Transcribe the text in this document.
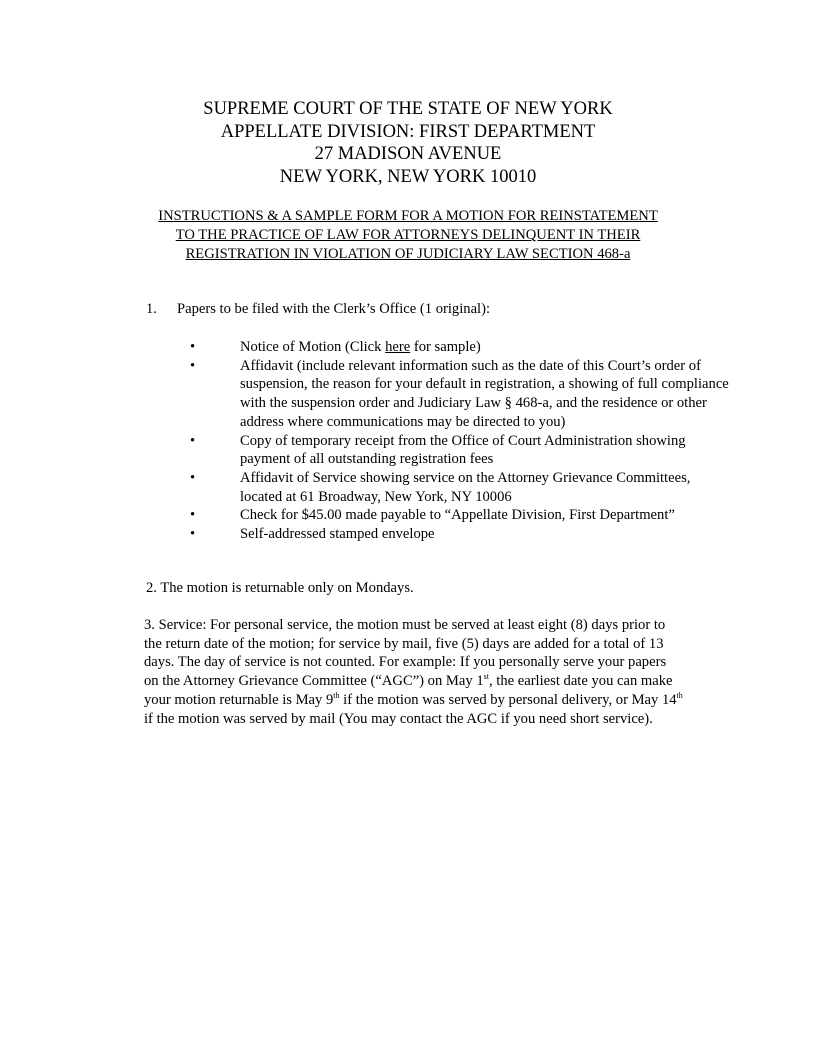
SUPREME COURT OF THE STATE OF NEW YORK
APPELLATE DIVISION: FIRST DEPARTMENT
27 MADISON AVENUE
NEW YORK, NEW YORK 10010
INSTRUCTIONS & A SAMPLE FORM FOR A MOTION FOR REINSTATEMENT
TO THE PRACTICE OF LAW FOR ATTORNEYS DELINQUENT IN THEIR
REGISTRATION IN VIOLATION OF JUDICIARY LAW SECTION 468-a
1. Papers to be filed with the Clerk’s Office (1 original):
•	Notice of Motion (Click here for sample)
•	Affidavit (include relevant information such as the date of this Court’s order of suspension, the reason for your default in registration, a showing of full compliance with the suspension order and Judiciary Law § 468-a, and the residence or other address where communications may be directed to you)
•	Copy of temporary receipt from the Office of Court Administration showing payment of all outstanding registration fees
•	Affidavit of Service showing service on the Attorney Grievance Committees, located at 61 Broadway, New York, NY 10006
•	Check for $45.00 made payable to “Appellate Division, First Department”
•	Self-addressed stamped envelope
2. The motion is returnable only on Mondays.
3. Service: For personal service, the motion must be served at least eight (8) days prior to the return date of the motion; for service by mail, five (5) days are added for a total of 13 days. The day of service is not counted. For example: If you personally serve your papers on the Attorney Grievance Committee (“AGC”) on May 1st, the earliest date you can make your motion returnable is May 9th if the motion was served by personal delivery, or May 14th if the motion was served by mail (You may contact the AGC if you need short service).
